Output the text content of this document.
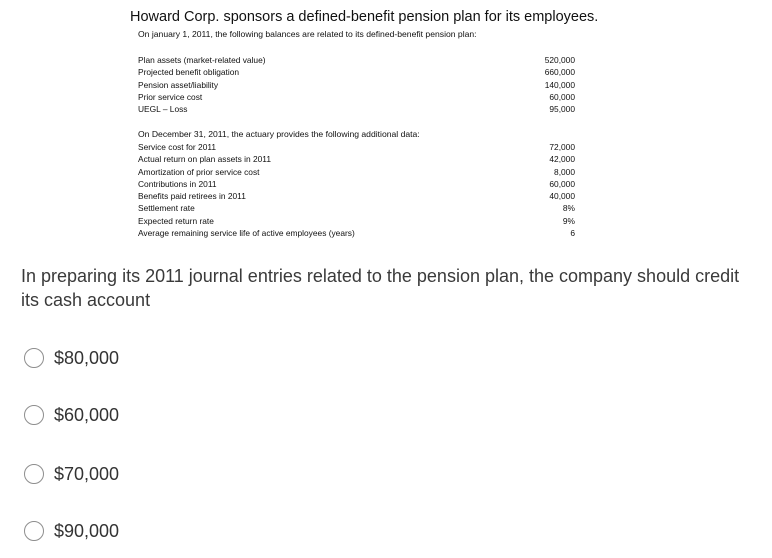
Howard Corp. sponsors a defined-benefit pension plan for its employees.
On january 1, 2011, the following balances are related to its defined-benefit pension plan:
Plan assets (market-related value)	520,000
Projected benefit obligation	660,000
Pension asset/liability	140,000
Prior service cost	60,000
UEGL – Loss	95,000
On December 31, 2011, the actuary provides the following additional data:
Service cost for 2011	72,000
Actual return on plan assets in 2011	42,000
Amortization of prior service cost	8,000
Contributions in 2011	60,000
Benefits paid retirees in 2011	40,000
Settlement rate	8%
Expected return rate	9%
Average remaining service life of active employees (years)	6
In preparing its 2011 journal entries related to the pension plan, the company should credit its cash account
$80,000
$60,000
$70,000
$90,000
